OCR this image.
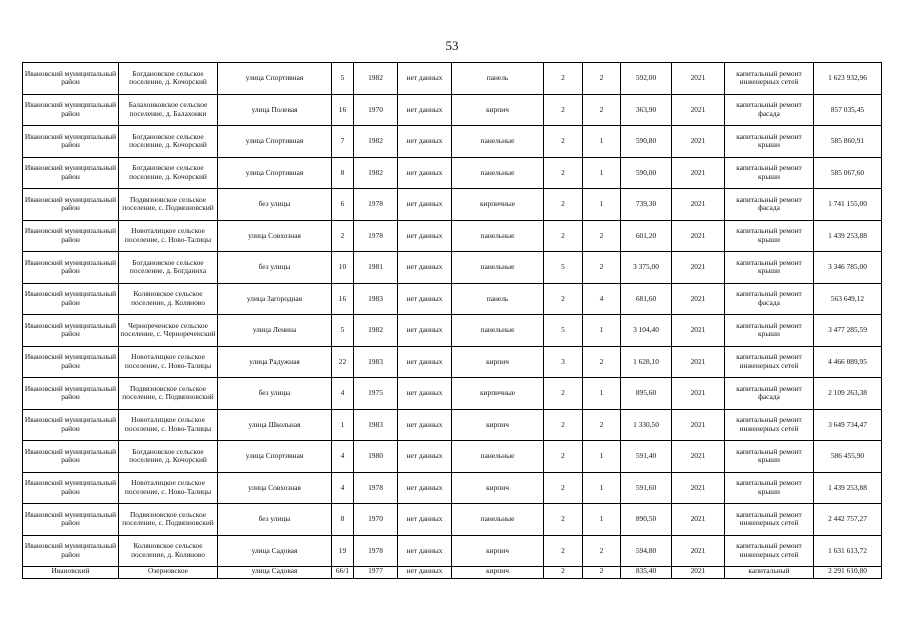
53
Ивановский муниципальный район	Богдановское сельское поселение, д. Кочорский	улица Спортивная	5	1982	нет данных	панель	2	2	592,00	2021	капитальный ремонт инженерных сетей	1 623 932,96
Ивановский муниципальный район	Балахонковское сельское поселение, д. Балахонки	улица Полевая	16	1970	нет данных	кирпич	2	2	363,90	2021	капитальный ремонт фасада	857 035,45
Ивановский муниципальный район	Богдановское сельское поселение, д. Кочорский	улица Спортивная	7	1982	нет данных	панельные	2	1	590,80	2021	капитальный ремонт крыши	585 860,91
Ивановский муниципальный район	Богдановское сельское поселение, д. Кочорский	улица Спортивная	8	1982	нет данных	панельные	2	1	590,00	2021	капитальный ремонт крыши	585 067,60
Ивановский муниципальный район	Подвязновское сельское поселение, с. Подвязновский	без улицы	6	1978	нет данных	кирпичные	2	1	739,30	2021	капитальный ремонт фасада	1 741 155,00
Ивановский муниципальный район	Новоталицкое сельское поселение, с. Ново-Талицы	улица Совхозная	2	1978	нет данных	панельные	2	2	601,20	2021	капитальный ремонт крыши	1 439 253,88
Ивановский муниципальный район	Богдановское сельское поселение, д. Богданиха	без улицы	10	1981	нет данных	панельные	5	2	3 375,00	2021	капитальный ремонт крыши	3 346 785,00
Ивановский муниципальный район	Коляновское сельское поселение, д. Коляново	улица Загородная	16	1983	нет данных	панель	2	4	681,60	2021	капитальный ремонт фасада	563 649,12
Ивановский муниципальный район	Чернореченское сельское поселение, с. Чернореченский	улица Ленина	5	1982	нет данных	панельные	5	1	3 104,40	2021	капитальный ремонт крыши	3 477 285,59
Ивановский муниципальный район	Новоталицкое сельское поселение, с. Ново-Талицы	улица Радужная	22	1983	нет данных	кирпич	3	2	1 628,10	2021	капитальный ремонт инженерных сетей	4 466 089,95
Ивановский муниципальный район	Подвязновское сельское поселение, с. Подвязновский	без улицы	4	1975	нет данных	кирпичные	2	1	895,60	2021	капитальный ремонт фасада	2 109 263,38
Ивановский муниципальный район	Новоталицкое сельское поселение, с. Ново-Талицы	улица Школьная	1	1983	нет данных	кирпич	2	2	1 330,50	2021	капитальный ремонт инженерных сетей	3 649 734,47
Ивановский муниципальный район	Богдановское сельское поселение, д. Кочорский	улица Спортивная	4	1980	нет данных	панельные	2	1	591,40	2021	капитальный ремонт крыши	586 455,90
Ивановский муниципальный район	Новоталицкое сельское поселение, с. Ново-Талицы	улица Совхозная	4	1978	нет данных	кирпич	2	1	591,60	2021	капитальный ремонт крыши	1 439 253,88
Ивановский муниципальный район	Подвязновское сельское поселение, с. Подвязновский	без улицы	8	1970	нет данных	панельные	2	1	890,50	2021	капитальный ремонт инженерных сетей	2 442 757,27
Ивановский муниципальный район	Коляновское сельское поселение, д. Коляново	улица Садовая	19	1978	нет данных	кирпич	2	2	594,80	2021	капитальный ремонт инженерных сетей	1 631 613,72
Ивановский	Озерновское	улица Садовая	66/1	1977	нет данных	кирпич	2	2	835,40	2021	капитальный	2 291 610,80
